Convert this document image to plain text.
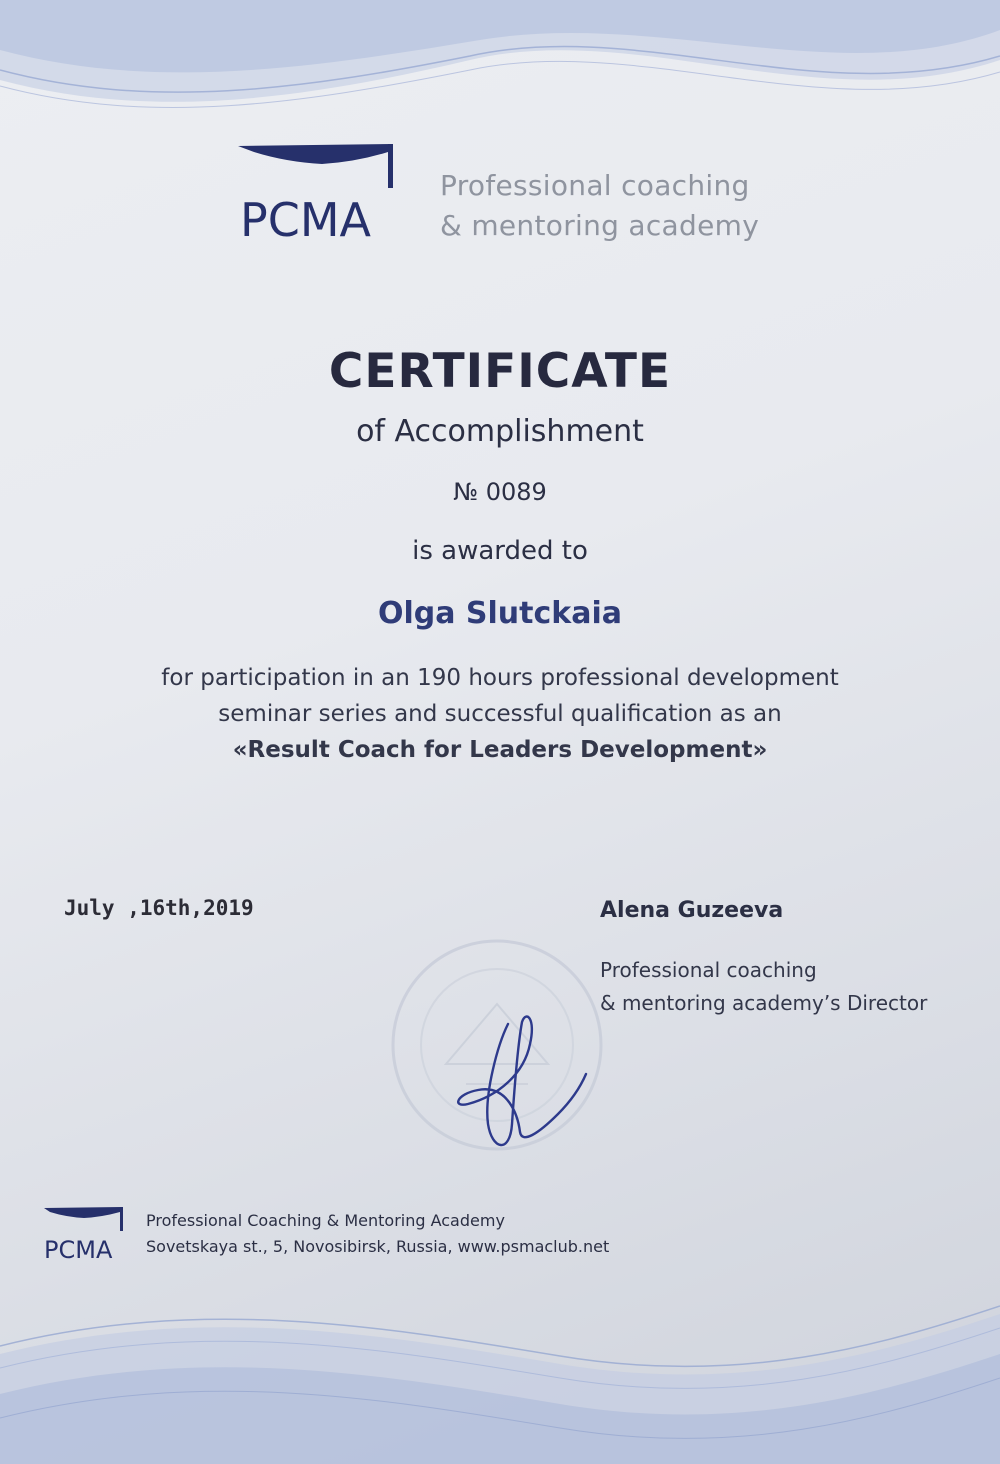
PCMA
Professional coaching
& mentoring academy
CERTIFICATE
of Accomplishment
№ 0089
is awarded to
Olga Slutckaia
for participation in an 190 hours professional development
seminar series and successful qualification as an
«Result Coach for Leaders Development»
July ,16th,2019	Alena Guzeeva
Professional coaching
& mentoring academy’s Director
PCMA
Professional Coaching & Mentoring Academy
Sovetskaya st., 5, Novosibirsk, Russia, www.psmaclub.net
